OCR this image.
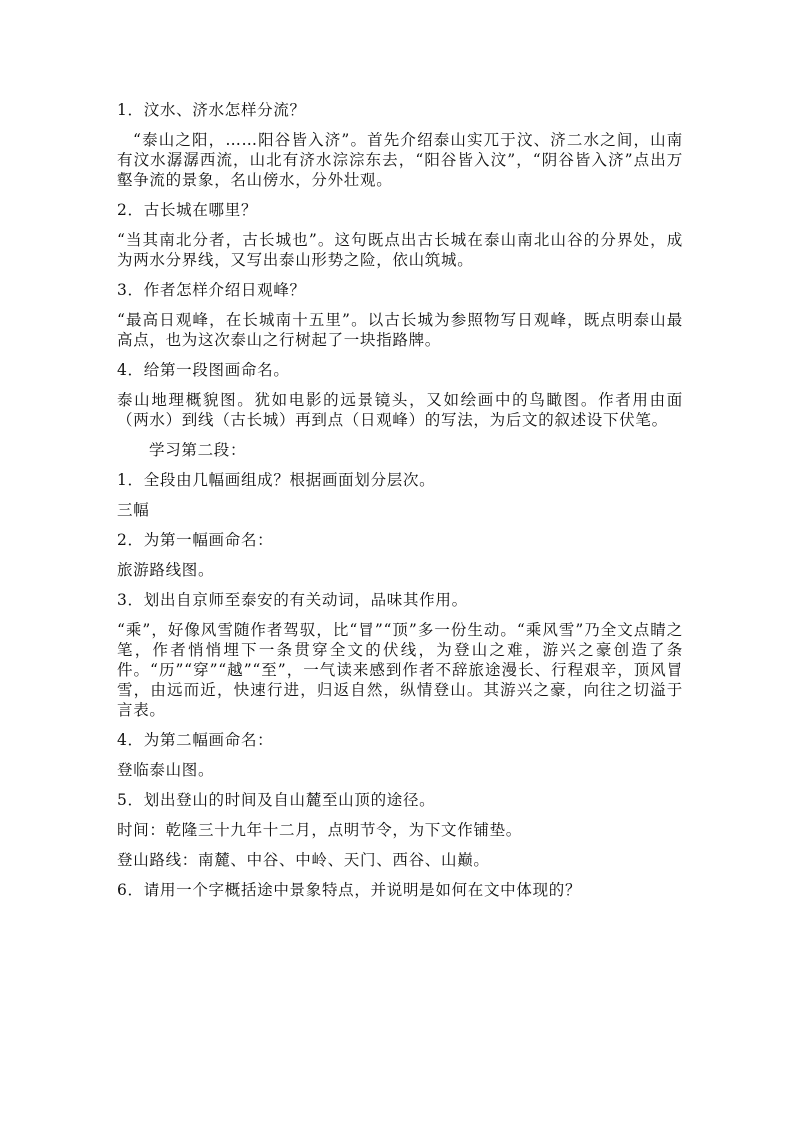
1．汶水、济水怎样分流？
“泰山之阳，……阳谷皆入济”。首先介绍泰山实兀于汶、济二水之间，山南有汶水潺潺西流，山北有济水淙淙东去，“阳谷皆入汶”，“阴谷皆入济”点出万壑争流的景象，名山傍水，分外壮观。
2．古长城在哪里？
“当其南北分者，古长城也”。这句既点出古长城在泰山南北山谷的分界处，成为两水分界线，又写出泰山形势之险，依山筑城。
3．作者怎样介绍日观峰？
“最高日观峰，在长城南十五里”。以古长城为参照物写日观峰，既点明泰山最高点，也为这次泰山之行树起了一块指路牌。
4．给第一段图画命名。
泰山地理概貌图。犹如电影的远景镜头，又如绘画中的鸟瞰图。作者用由面（两水）到线（古长城）再到点（日观峰）的写法，为后文的叙述设下伏笔。
学习第二段：
1．全段由几幅画组成？根据画面划分层次。
三幅
2．为第一幅画命名：
旅游路线图。
3．划出自京师至泰安的有关动词，品味其作用。
“乘”，好像风雪随作者驾驭，比“冒”“顶”多一份生动。“乘风雪”乃全文点睛之笔，作者悄悄埋下一条贯穿全文的伏线，为登山之难，游兴之豪创造了条件。“历”“穿”“越”“至”，一气读来感到作者不辞旅途漫长、行程艰辛，顶风冒雪，由远而近，快速行进，归返自然，纵情登山。其游兴之豪，向往之切溢于言表。
4．为第二幅画命名：
登临泰山图。
5．划出登山的时间及自山麓至山顶的途径。
时间：乾隆三十九年十二月，点明节令，为下文作铺垫。
登山路线：南麓、中谷、中岭、天门、西谷、山巅。
6．请用一个字概括途中景象特点，并说明是如何在文中体现的？
